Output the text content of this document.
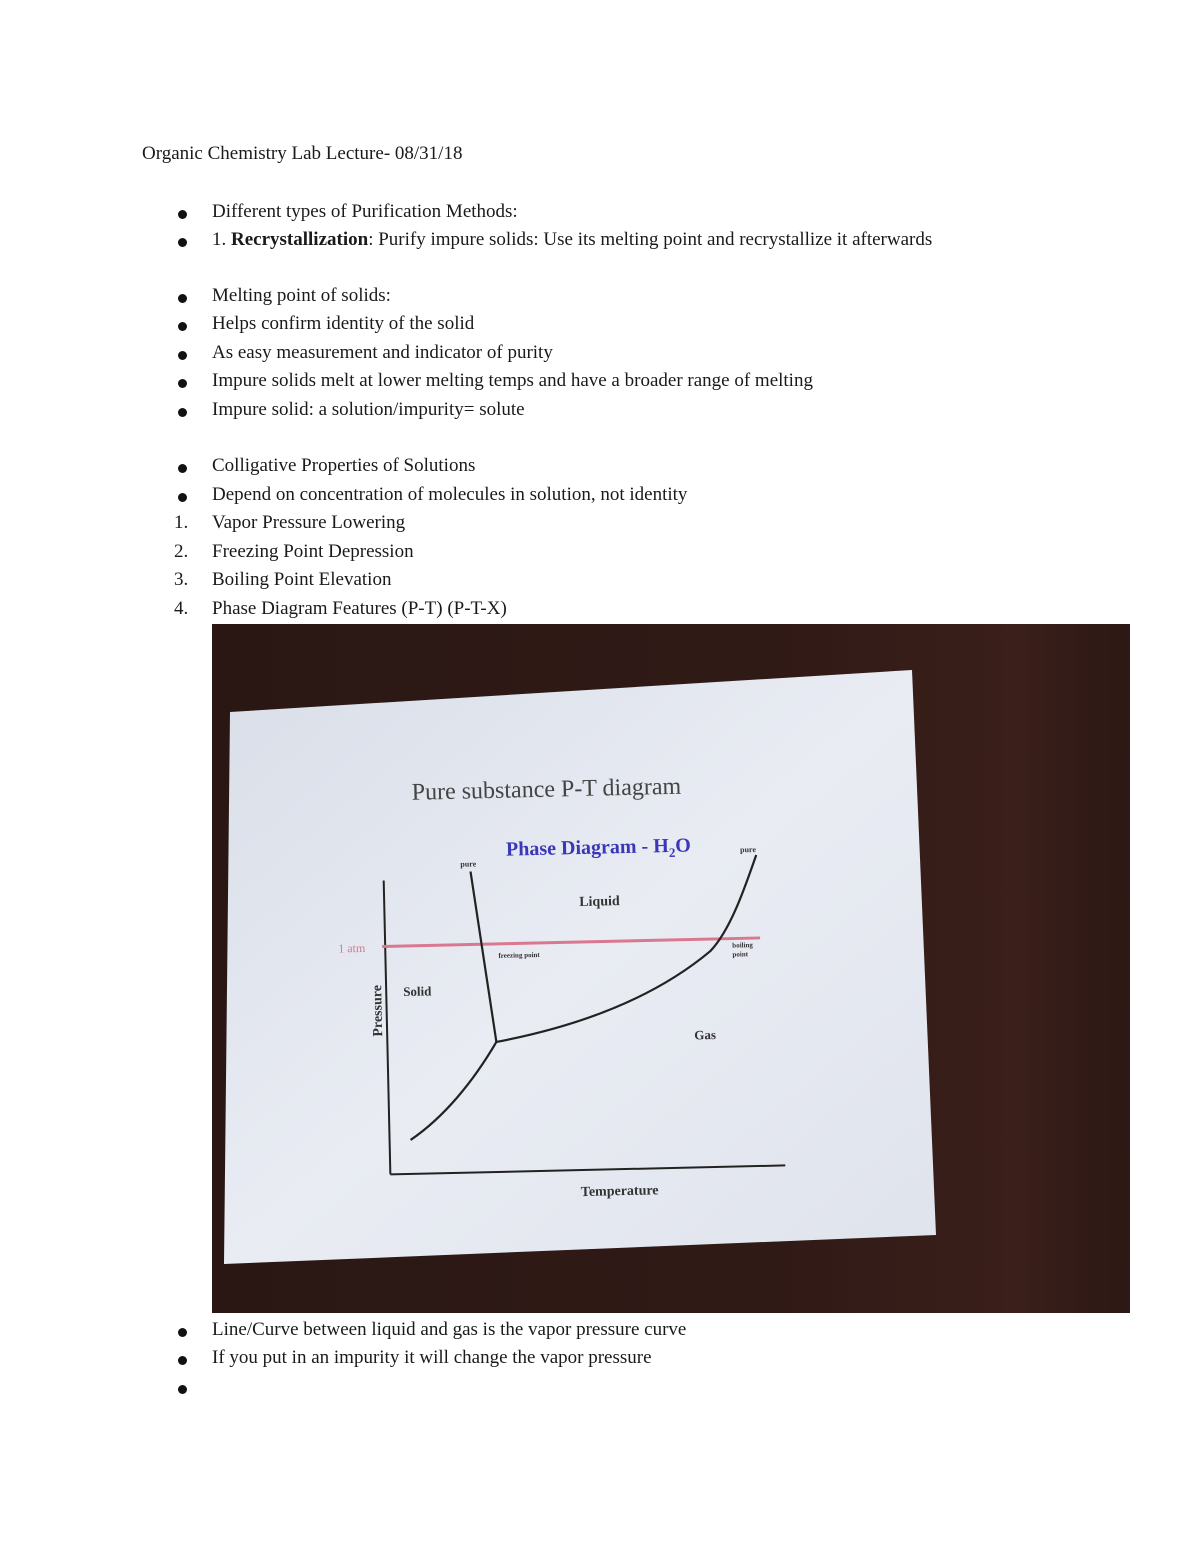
Organic Chemistry Lab Lecture- 08/31/18
Different types of Purification Methods:
1. Recrystallization: Purify impure solids: Use its melting point and recrystallize it afterwards
Melting point of solids:
Helps confirm identity of the solid
As easy measurement and indicator of purity
Impure solids melt at lower melting temps and have a broader range of melting
Impure solid: a solution/impurity= solute
Colligative Properties of Solutions
Depend on concentration of molecules in solution, not identity
1. Vapor Pressure Lowering
2. Freezing Point Depression
3. Boiling Point Elevation
4. Phase Diagram Features (P-T) (P-T-X)
Pure substance P-T diagram
Phase Diagram - $H_2O$
1 atm
pure
pure
Liquid
Solid
Gas
freezing point
boiling
point
Pressure
Temperature
Line/Curve between liquid and gas is the vapor pressure curve
If you put in an impurity it will change the vapor pressure
